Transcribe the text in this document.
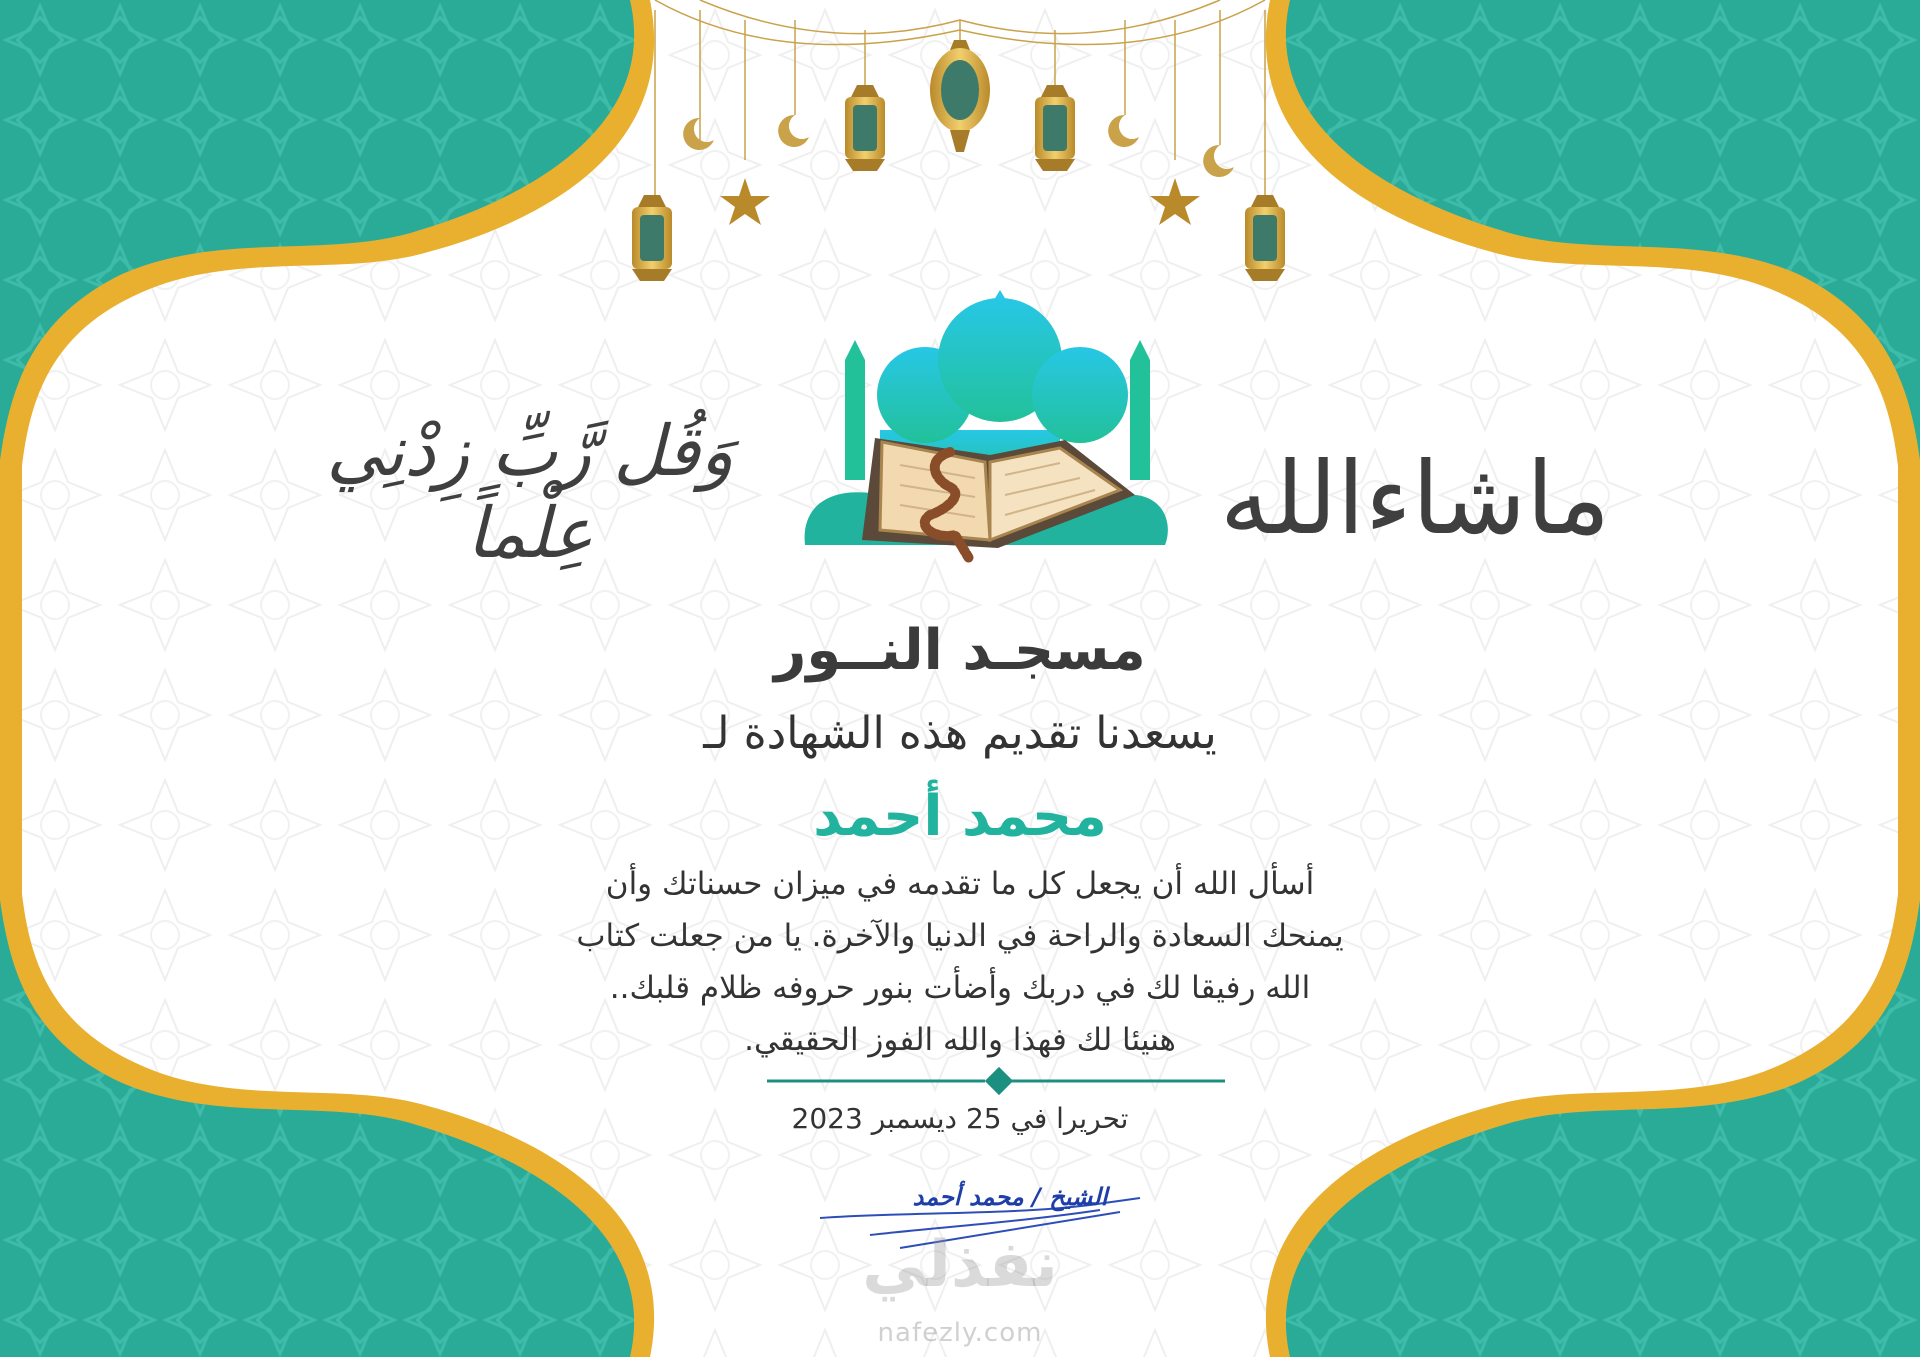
وَقُل رَّبِّ زِدْنِي عِلْماً	ماشاءالله
مسجـد النــور
يسعدنا تقديم هذه الشهادة لـ
محمد أحمد
أسأل الله أن يجعل كل ما تقدمه في ميزان حسناتك وأن
يمنحك السعادة والراحة في الدنيا والآخرة. يا من جعلت كتاب
الله رفيقا لك في دربك وأضأت بنور حروفه ظلام قلبك..
هنيئا لك فهذا والله الفوز الحقيقي.
تحريرا في 25 ديسمبر 2023
الشيخ / محمد أحمد
نفذلي
nafezly.com
